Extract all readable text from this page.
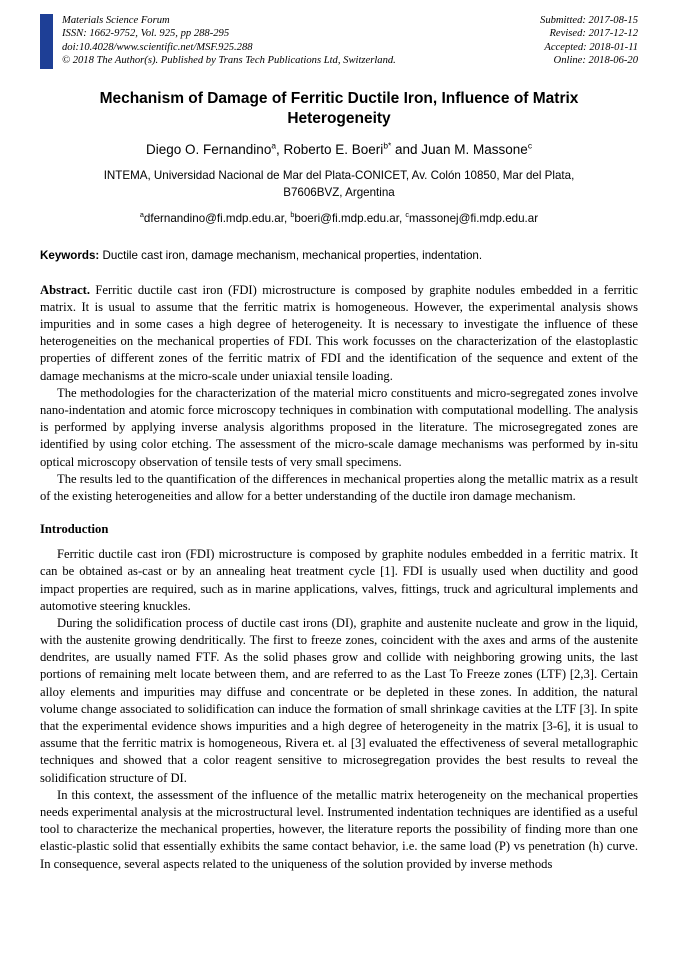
Materials Science Forum
ISSN: 1662-9752, Vol. 925, pp 288-295
doi:10.4028/www.scientific.net/MSF.925.288
© 2018 The Author(s). Published by Trans Tech Publications Ltd, Switzerland.
Submitted: 2017-08-15
Revised: 2017-12-12
Accepted: 2018-01-11
Online: 2018-06-20
Mechanism of Damage of Ferritic Ductile Iron, Influence of Matrix Heterogeneity
Diego O. Fernandino$^a$, Roberto E. Boeri$^{b*}$ and Juan M. Massone$^c$
INTEMA, Universidad Nacional de Mar del Plata-CONICET, Av. Colón 10850, Mar del Plata,
B7606BVZ, Argentina
$^a$dfernandino@fi.mdp.edu.ar, $^b$boeri@fi.mdp.edu.ar, $^c$massonej@fi.mdp.edu.ar
Keywords: Ductile cast iron, damage mechanism, mechanical properties, indentation.

Abstract. Ferritic ductile cast iron (FDI) microstructure is composed by graphite nodules embedded in a ferritic matrix. It is usual to assume that the ferritic matrix is homogeneous. However, the experimental analysis shows impurities and in some cases a high degree of heterogeneity. It is necessary to investigate the influence of these heterogeneities on the mechanical properties of FDI. This work focusses on the characterization of the elastoplastic properties of different zones of the ferritic matrix of FDI and the identification of the sequence and extent of the damage mechanisms at the micro-scale under uniaxial tensile loading.

The methodologies for the characterization of the material micro constituents and micro-segregated zones involve nano-indentation and atomic force microscopy techniques in combination with computational modelling. The analysis is performed by applying inverse analysis algorithms proposed in the literature. The microsegregated zones are identified by using color etching. The assessment of the micro-scale damage mechanisms was performed by in-situ optical microscopy observation of tensile tests of very small specimens.

The results led to the quantification of the differences in mechanical properties along the metallic matrix as a result of the existing heterogeneities and allow for a better understanding of the ductile iron damage mechanism.

Introduction

Ferritic ductile cast iron (FDI) microstructure is composed by graphite nodules embedded in a ferritic matrix. It can be obtained as-cast or by an annealing heat treatment cycle [1]. FDI is usually used when ductility and good impact properties are required, such as in marine applications, valves, fittings, truck and agricultural implements and automotive steering knuckles.

During the solidification process of ductile cast irons (DI), graphite and austenite nucleate and grow in the liquid, with the austenite growing dendritically. The first to freeze zones, coincident with the axes and arms of the austenite dendrites, are usually named FTF. As the solid phases grow and collide with neighboring growing units, the last portions of remaining melt locate between them, and are referred to as the Last To Freeze zones (LTF) [2,3]. Certain alloy elements and impurities may diffuse and concentrate or be depleted in these zones. In addition, the natural volume change associated to solidification can induce the formation of small shrinkage cavities at the LTF [3]. In spite that the experimental evidence shows impurities and a high degree of heterogeneity in the matrix [3-6], it is usual to assume that the ferritic matrix is homogeneous, Rivera et. al [3] evaluated the effectiveness of several metallographic techniques and showed that a color reagent sensitive to microsegregation provides the best results to reveal the solidification structure of DI.

In this context, the assessment of the influence of the metallic matrix heterogeneity on the mechanical properties needs experimental analysis at the microstructural level. Instrumented indentation techniques are identified as a useful tool to characterize the mechanical properties, however, the literature reports the possibility of finding more than one elastic-plastic solid that essentially exhibits the same contact behavior, i.e. the same load (P) vs penetration (h) curve. In consequence, several aspects related to the uniqueness of the solution provided by inverse methods
